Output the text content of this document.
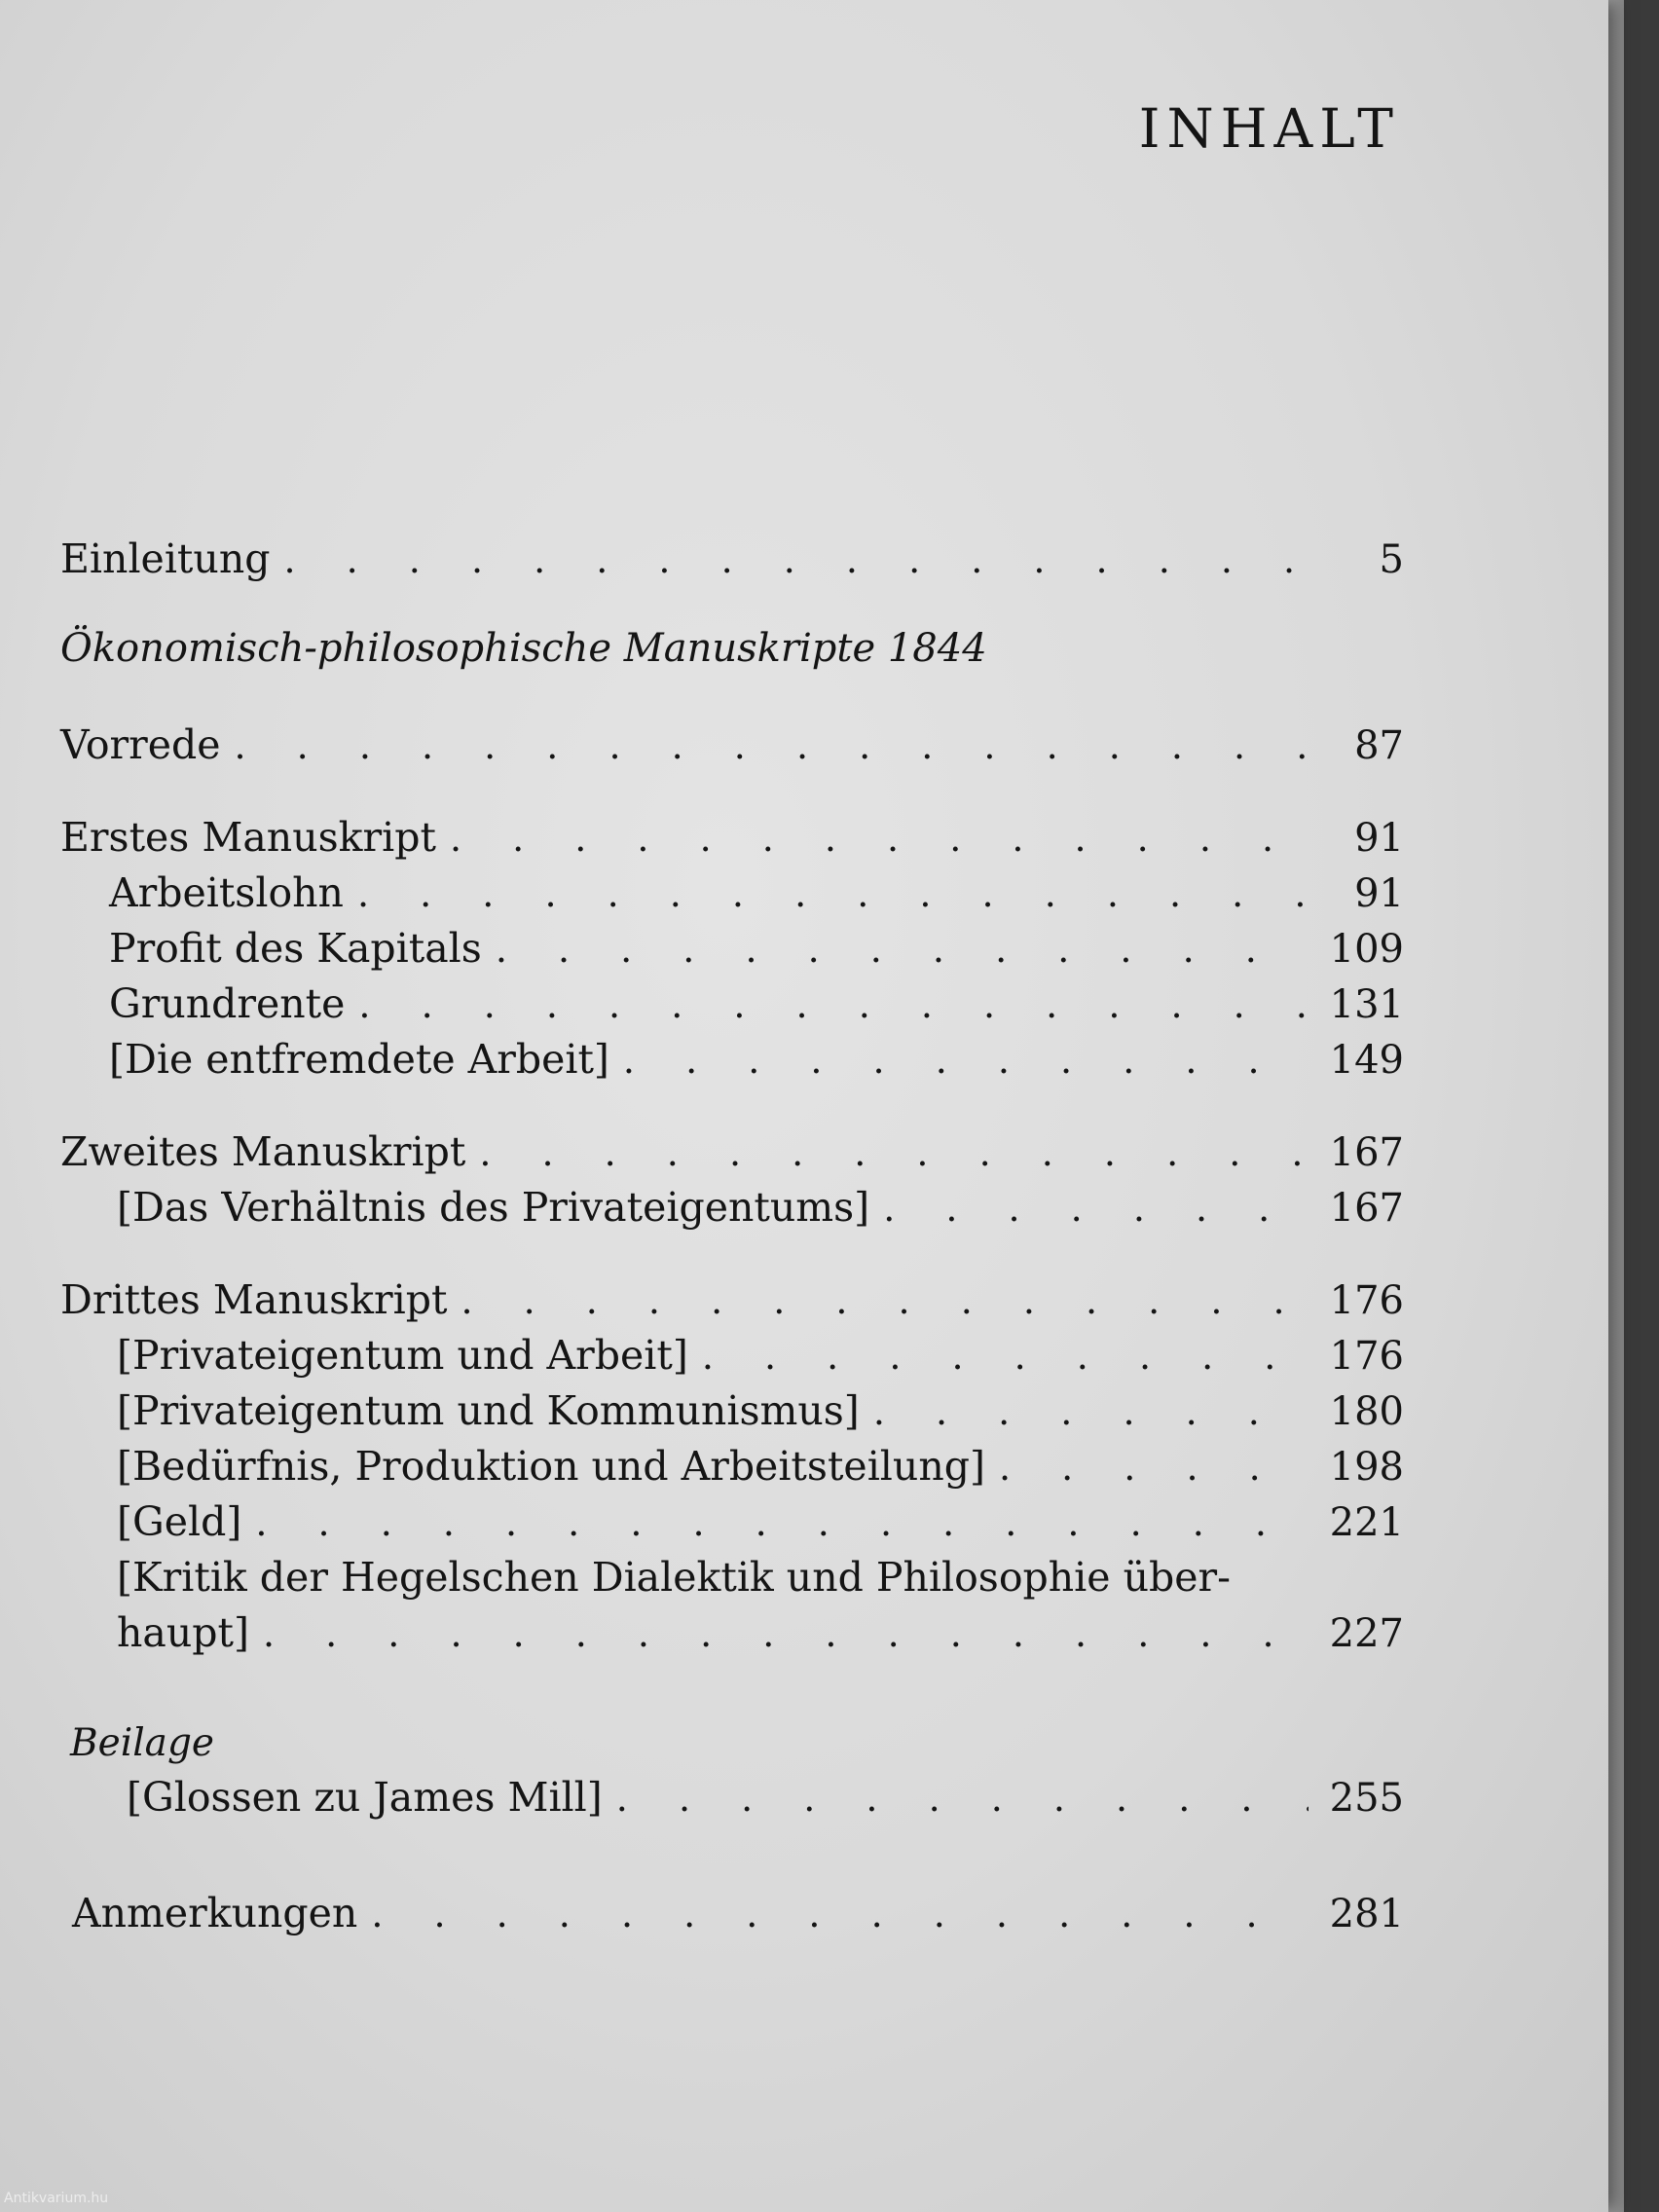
INHALT
Einleitung . . .	5
Ökonomisch-philosophische Manuskripte 1844
Vorrede . . .	87
Erstes Manuskript . . .	91
Arbeitslohn . . .	91
Profit des Kapitals . . .	109
Grundrente . . .	131
[Die entfremdete Arbeit] . . .	149
Zweites Manuskript . . .	167
[Das Verhältnis des Privateigentums] . . .	167
Drittes Manuskript . . .	176
[Privateigentum und Arbeit] . . .	176
[Privateigentum und Kommunismus] . . .	180
[Bedürfnis, Produktion und Arbeitsteilung] . . .	198
[Geld] . . .	221
[Kritik der Hegelschen Dialektik und Philosophie über-
haupt] . . .	227
Beilage
[Glossen zu James Mill] . . .	255
Anmerkungen . . .	281
Antikvarium.hu
